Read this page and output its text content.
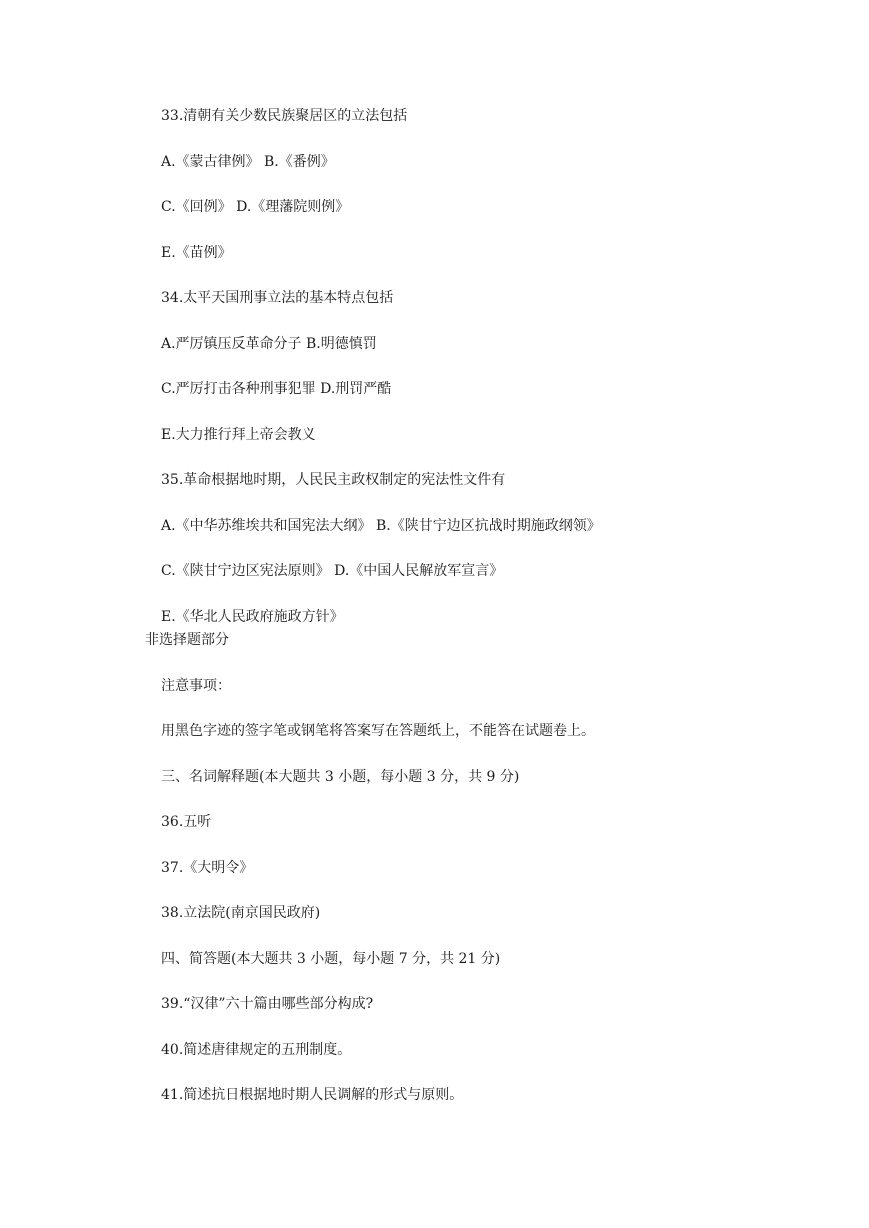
33.清朝有关少数民族聚居区的立法包括
A.《蒙古律例》 B.《番例》
C.《回例》 D.《理藩院则例》
E.《苗例》
34.太平天国刑事立法的基本特点包括
A.严厉镇压反革命分子 B.明德慎罚
C.严厉打击各种刑事犯罪 D.刑罚严酷
E.大力推行拜上帝会教义
35.革命根据地时期，人民民主政权制定的宪法性文件有
A.《中华苏维埃共和国宪法大纲》 B.《陕甘宁边区抗战时期施政纲领》
C.《陕甘宁边区宪法原则》 D.《中国人民解放军宣言》
E.《华北人民政府施政方针》
非选择题部分
注意事项：
用黑色字迹的签字笔或钢笔将答案写在答题纸上，不能答在试题卷上。
三、名词解释题(本大题共 3 小题，每小题 3 分，共 9 分)
36.五听
37.《大明令》
38.立法院(南京国民政府)
四、简答题(本大题共 3 小题，每小题 7 分，共 21 分)
39.“汉律”六十篇由哪些部分构成?
40.简述唐律规定的五刑制度。
41.简述抗日根据地时期人民调解的形式与原则。
